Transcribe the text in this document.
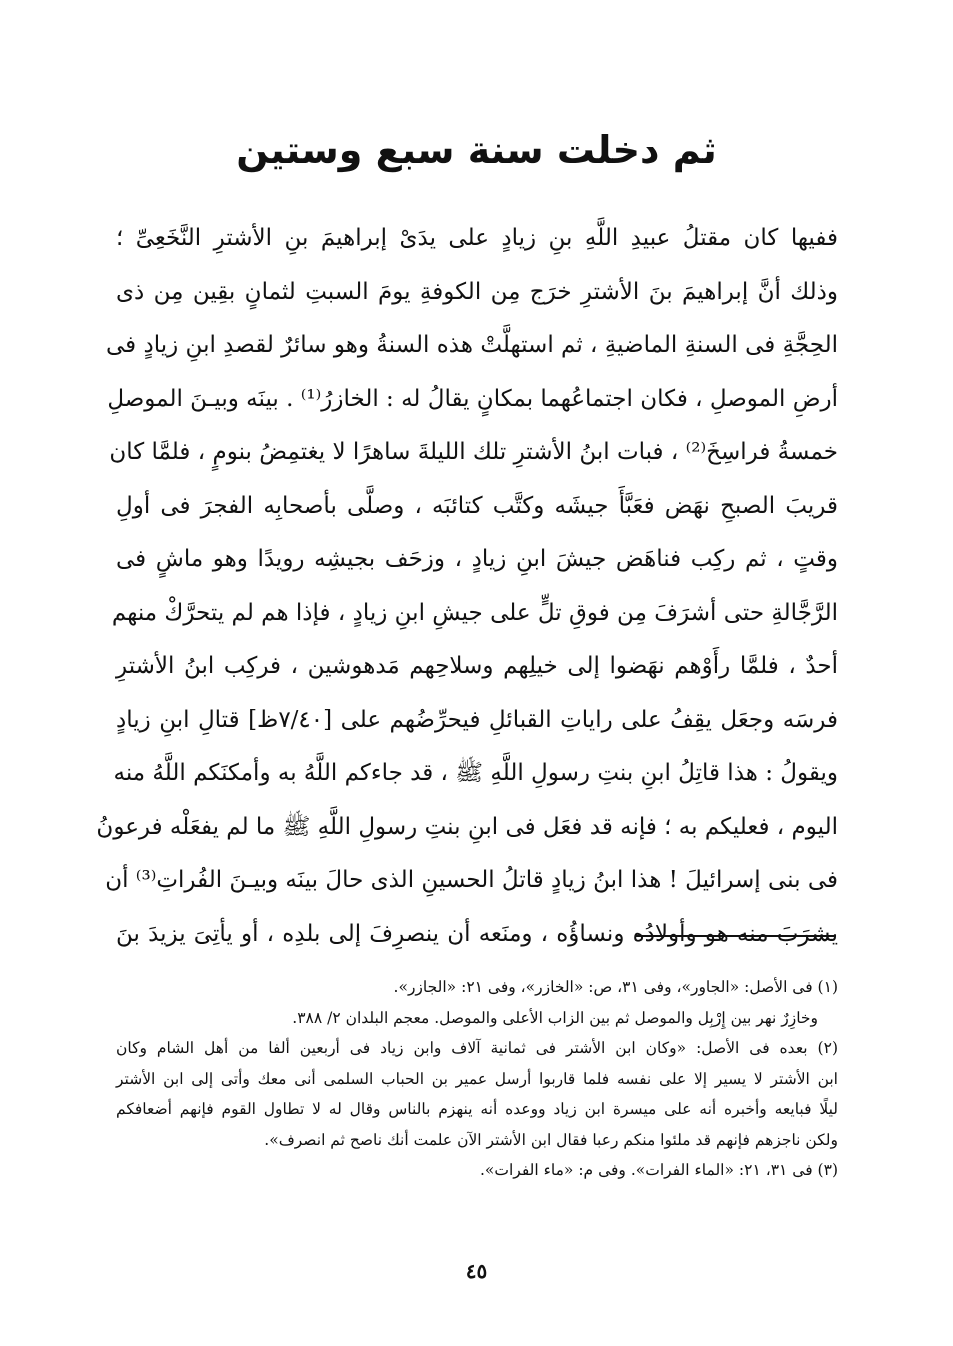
ثم دخلت سنة سبع وستين
ففيها كان مقتلُ عبيدِ اللَّهِ بنِ زيادٍ على يدَىْ إبراهيمَ بنِ الأشترِ النَّخَعِىِّ ؛
وذلك أنَّ إبراهيمَ بنَ الأشترِ خرَج مِن الكوفةِ يومَ السبتِ لثمانٍ بقِين مِن ذى
الحِجَّةِ فى السنةِ الماضيةِ ، ثم استهلَّتْ هذه السنةُ وهو سائرٌ لقصدِ ابنِ زيادٍ فى
أرضِ الموصلِ ، فكان اجتماعُهما بمكانٍ يقالُ له : الخازرُ⁽¹⁾ . بينَه وبيـنَ الموصلِ
خمسةُ فراسِخَ⁽²⁾ ، فبات ابنُ الأشترِ تلك الليلةَ ساهرًا لا يغتمِضُ بنومٍ ، فلمَّا كان
قريبَ الصبحِ نهَض فعَبَّأَ جيشَه وكتَّب كتائبَه ، وصلَّى بأصحابِه الفجرَ فى أولِ
وقتٍ ، ثم ركِب فناهَض جيشَ ابنِ زيادٍ ، وزحَف بجيشِه رويدًا وهو ماشٍ فى
الرَّجَّالةِ حتى أشرَفَ مِن فوقِ تلٍّ على جيشِ ابنِ زيادٍ ، فإذا هم لم يتحرَّكْ منهم
أحدٌ ، فلمَّا رأَوْهم نهَضوا إلى خيلِهم وسلاحِهم مَدهوشين ، فركِب ابنُ الأشترِ
فرسَه وجعَل يقِفُ على راياتِ القبائلِ فيحرِّضُهم على [٧/٤٠ظ] قتالِ ابنِ زيادٍ
ويقولُ : هذا قاتِلُ ابنِ بنتِ رسولِ اللَّهِ ﷺ ، قد جاءكم اللَّهُ به وأمكنَكم اللَّهُ منه
اليوم ، فعليكم به ؛ فإنه قد فعَل فى ابنِ بنتِ رسولِ اللَّهِ ﷺ ما لم يفعَلْه فرعونُ
فى بنى إسرائيلَ ! هذا ابنُ زيادٍ قاتلُ الحسينِ الذى حالَ بينَه وبيـنَ الفُراتِ⁽³⁾ أن
يشرَبَ منه هو وأولادُه ونساؤُه ، ومنَعه أن ينصرِفَ إلى بلدِه ، أو يأتِىَ يزيدَ بنَ
(١) فى الأصل: «الجاور»، وفى ٣١، ص: «الخازر»، وفى ٢١: «الجازر».
وخازِرٌ نهر بين إِرْبِل والموصل ثم بين الزاب الأعلى والموصل. معجم البلدان ٢/ ٣٨٨.
(٢) بعده فى الأصل: «وكان ابن الأشتر فى ثمانية آلاف وابن زياد فى أربعين ألفا من أهل الشام وكان
ابن الأشتر لا يسير إلا على نفسه فلما قاربوا أرسل عمير بن الحباب السلمى أنى معك وأتى إلى ابن الأشتر
ليلًا فبايعه وأخبره أنه على ميسرة ابن زياد ووعده أنه ينهزم بالناس وقال له لا تطاول القوم فإنهم أضعافكم
ولكن ناجزهم فإنهم قد ملئوا منكم رعبا فقال ابن الأشتر الآن علمت أنك ناصح ثم انصرف».
(٣) فى ٣١، ٢١: «الماء الفرات». وفى م: «ماء الفرات».
٤٥
